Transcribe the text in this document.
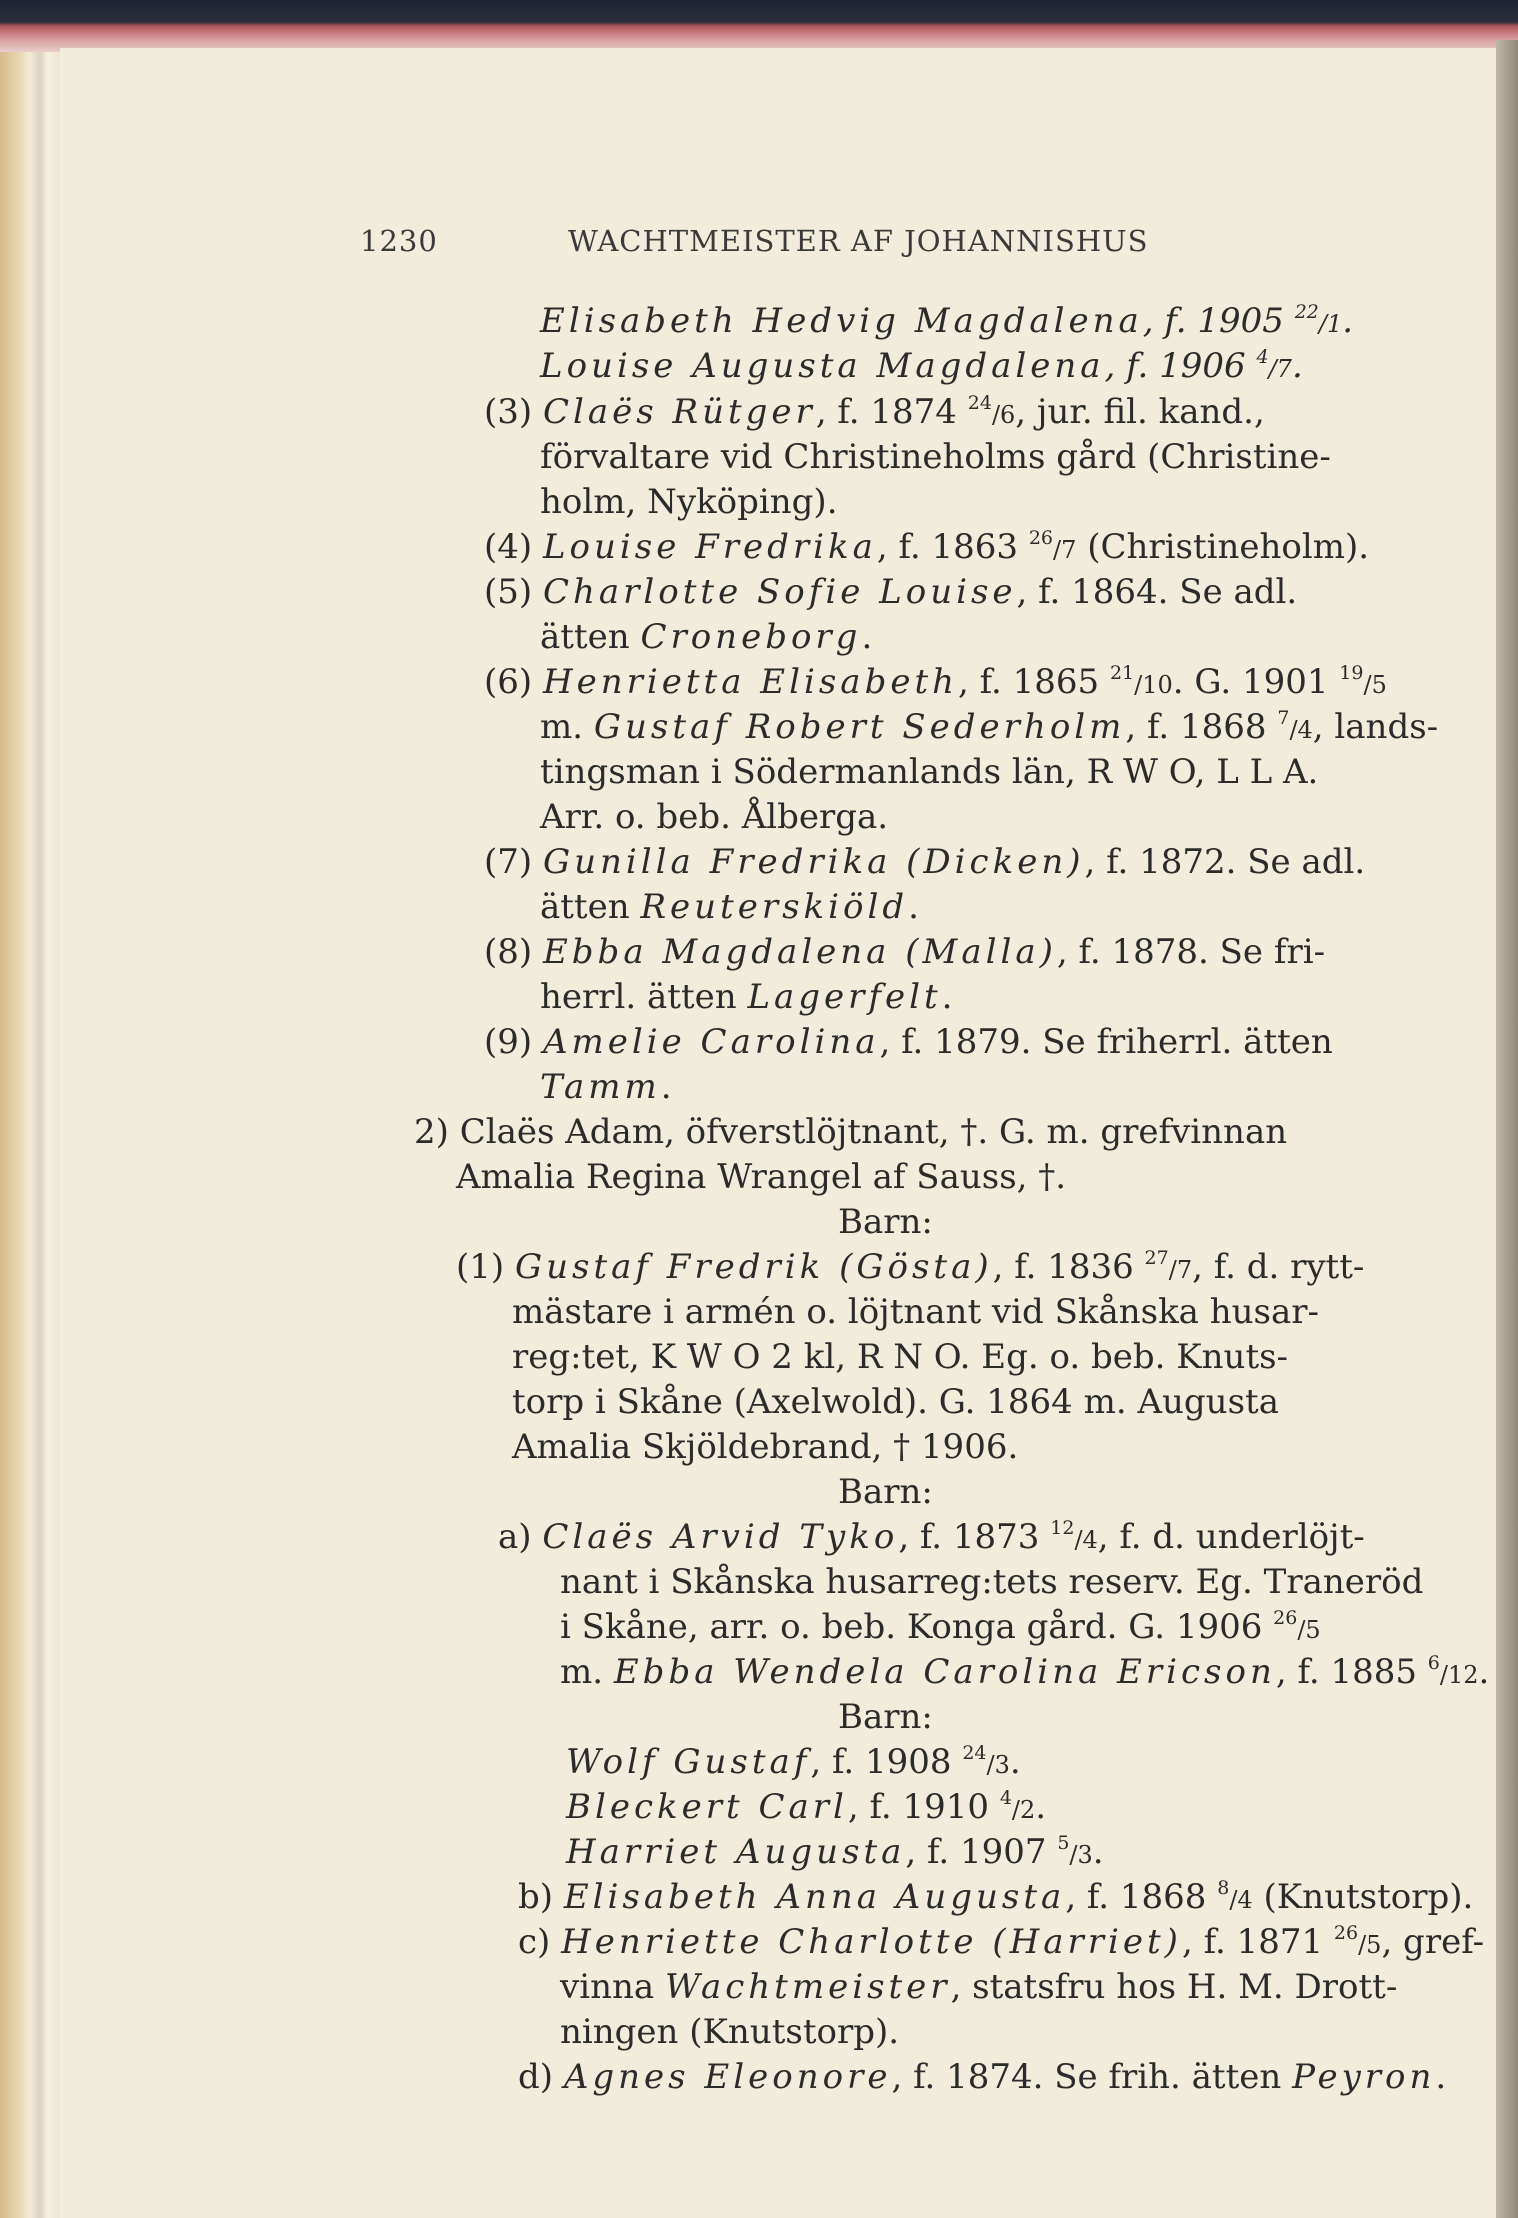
1230	WACHTMEISTER AF JOHANNISHUS
Elisabeth Hedvig Magdalena, f. 1905 $^{22}$/1.
Louise Augusta Magdalena, f. 1906 $^4$/7.
(3) Claës Rütger, f. 1874 $^{24}$/6, jur. fil. kand.,
förvaltare vid Christineholms gård (Christine-
holm, Nyköping).
(4) Louise Fredrika, f. 1863 $^{26}$/7 (Christineholm).
(5) Charlotte Sofie Louise, f. 1864. Se adl.
ätten Croneborg.
(6) Henrietta Elisabeth, f. 1865 $^{21}$/10. G. 1901 $^{19}$/5
m. Gustaf Robert Sederholm, f. 1868 $^7$/4, lands-
tingsman i Södermanlands län, R W O, L L A.
Arr. o. beb. Ålberga.
(7) Gunilla Fredrika (Dicken), f. 1872. Se adl.
ätten Reuterskiöld.
(8) Ebba Magdalena (Malla), f. 1878. Se fri-
herrl. ätten Lagerfelt.
(9) Amelie Carolina, f. 1879. Se friherrl. ätten
Tamm.
2) Claës Adam, öfverstlöjtnant, †. G. m. grefvinnan
Amalia Regina Wrangel af Sauss, †.
Barn:
(1) Gustaf Fredrik (Gösta), f. 1836 $^{27}$/7, f. d. rytt-
mästare i armén o. löjtnant vid Skånska husar-
reg:tet, K W O 2 kl, R N O. Eg. o. beb. Knuts-
torp i Skåne (Axelwold). G. 1864 m. Augusta
Amalia Skjöldebrand, † 1906.
Barn:
a) Claës Arvid Tyko, f. 1873 $^{12}$/4, f. d. underlöjt-
nant i Skånska husarreg:tets reserv. Eg. Traneröd
i Skåne, arr. o. beb. Konga gård. G. 1906 $^{26}$/5
m. Ebba Wendela Carolina Ericson, f. 1885 $^6$/12.
Barn:
Wolf Gustaf, f. 1908 $^{24}$/3.
Bleckert Carl, f. 1910 $^4$/2.
Harriet Augusta, f. 1907 $^5$/3.
b) Elisabeth Anna Augusta, f. 1868 $^8$/4 (Knutstorp).
c) Henriette Charlotte (Harriet), f. 1871 $^{26}$/5, gref-
vinna Wachtmeister, statsfru hos H. M. Drott-
ningen (Knutstorp).
d) Agnes Eleonore, f. 1874. Se frih. ätten Peyron.
